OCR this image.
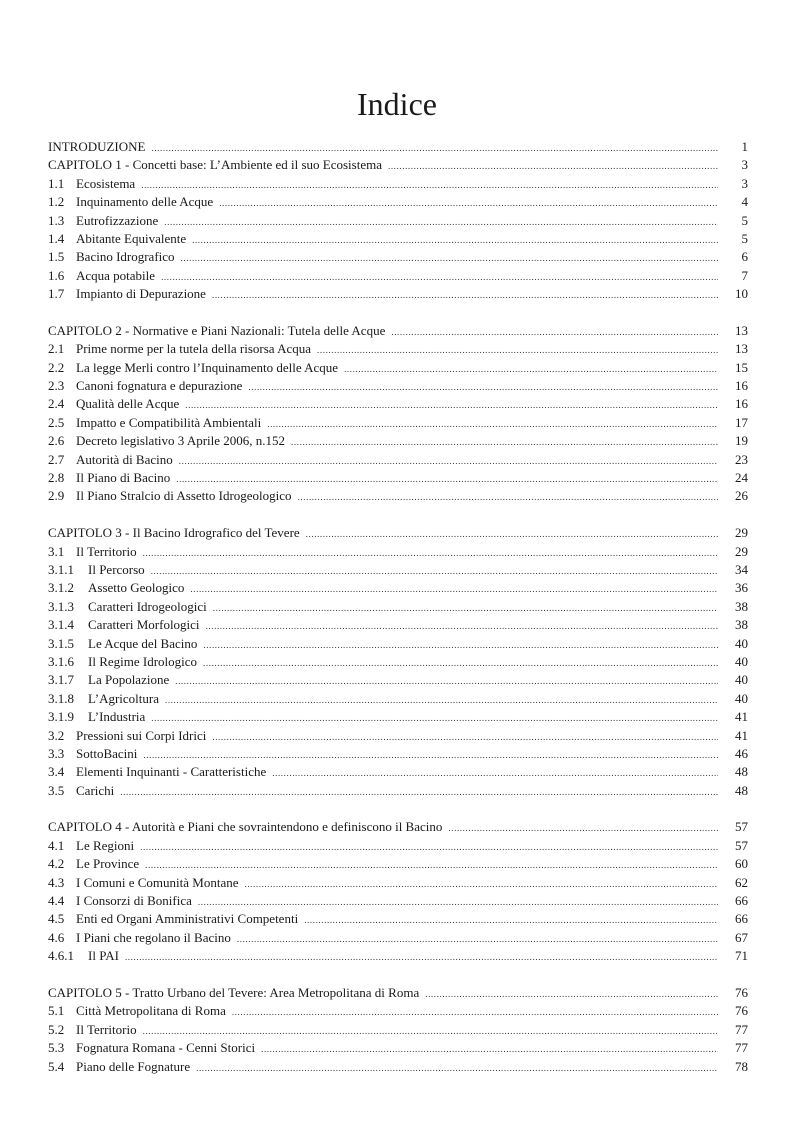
Indice
INTRODUZIONE .....	1
CAPITOLO 1 - Concetti base: L’Ambiente ed il suo Ecosistema .....	3
1.1 Ecosistema .....	3
1.2 Inquinamento delle Acque .....	4
1.3 Eutrofizzazione .....	5
1.4 Abitante Equivalente .....	5
1.5 Bacino Idrografico .....	6
1.6 Acqua potabile .....	7
1.7 Impianto di Depurazione .....	10
CAPITOLO 2 - Normative e Piani Nazionali: Tutela delle Acque .....	13
2.1 Prime norme per la tutela della risorsa Acqua .....	13
2.2 La legge Merli contro l’Inquinamento delle Acque .....	15
2.3 Canoni fognatura e depurazione .....	16
2.4 Qualità delle Acque .....	16
2.5 Impatto e Compatibilità Ambientali .....	17
2.6 Decreto legislativo 3 Aprile 2006, n.152 .....	19
2.7 Autorità di Bacino .....	23
2.8 Il Piano di Bacino .....	24
2.9 Il Piano Stralcio di Assetto Idrogeologico .....	26
CAPITOLO 3 - Il Bacino Idrografico del Tevere .....	29
3.1 Il Territorio .....	29
3.1.1	Il Percorso .....	34
3.1.2	Assetto Geologico .....	36
3.1.3	Caratteri Idrogeologici .....	38
3.1.4	Caratteri Morfologici .....	38
3.1.5	Le Acque del Bacino .....	40
3.1.6	Il Regime Idrologico .....	40
3.1.7	La Popolazione .....	40
3.1.8	L’Agricoltura .....	40
3.1.9	L’Industria .....	41
3.2 Pressioni sui Corpi Idrici .....	41
3.3 SottoBacini .....	46
3.4 Elementi Inquinanti - Caratteristiche .....	48
3.5 Carichi .....	48
CAPITOLO 4 - Autorità e Piani che sovraintendono e definiscono il Bacino .....	57
4.1 Le Regioni .....	57
4.2 Le Province .....	60
4.3 I Comuni e Comunità Montane .....	62
4.4 I Consorzi di Bonifica .....	66
4.5 Enti ed Organi Amministrativi Competenti .....	66
4.6 I Piani che regolano il Bacino .....	67
4.6.1	Il PAI .....	71
CAPITOLO 5 - Tratto Urbano del Tevere: Area Metropolitana di Roma .....	76
5.1 Città Metropolitana di Roma .....	76
5.2 Il Territorio .....	77
5.3 Fognatura Romana - Cenni Storici .....	77
5.4 Piano delle Fognature .....	78
